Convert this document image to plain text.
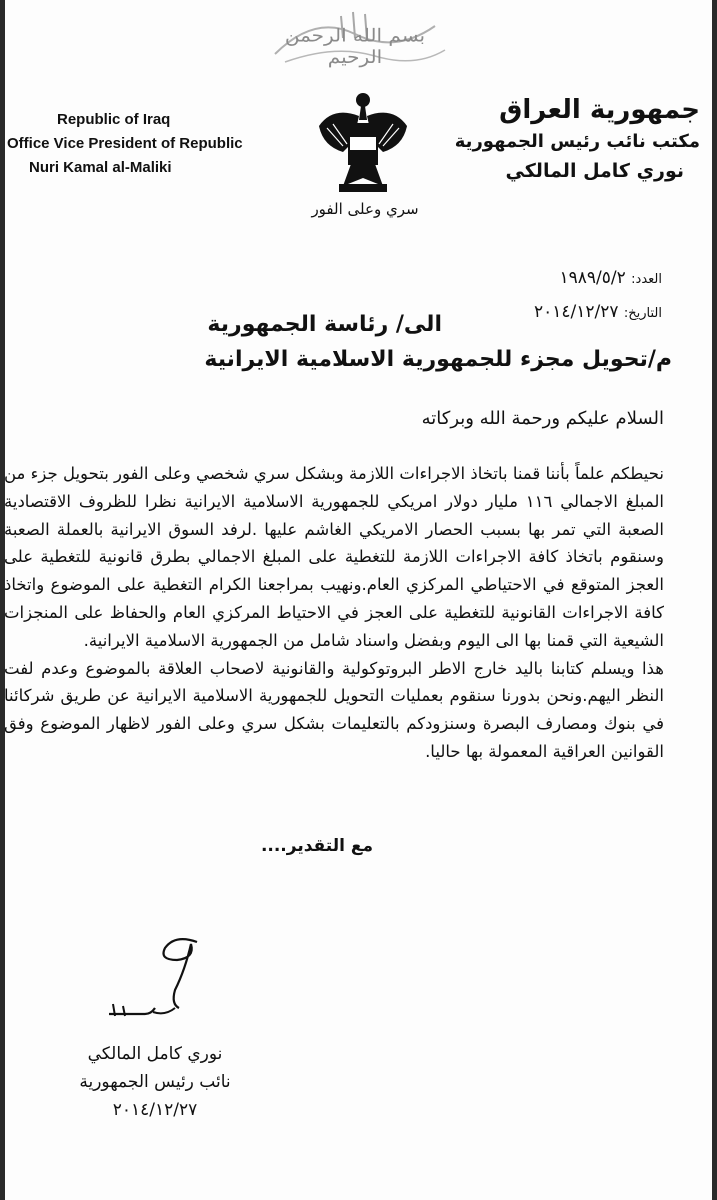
بسم الله الرحمن الرحيم
Republic of Iraq
Office Vice President of Republic
Nuri Kamal al-Maliki
جمهورية العراق
مكتب نائب رئيس الجمهورية
نوري كامل المالكي
سري وعلى الفور
العدد: ١٩٨٩/٥/٢
التاريخ: ٢٠١٤/١٢/٢٧
الى/ رئاسة الجمهورية
م/تحويل مجزء للجمهورية الاسلامية الايرانية
السلام عليكم ورحمة الله وبركاته

نحيطكم علماً بأننا قمنا باتخاذ الاجراءات اللازمة وبشكل سري شخصي وعلى الفور بتحويل جزء من المبلغ الاجمالي ١١٦ مليار دولار امريكي للجمهورية الاسلامية الايرانية نظرا للظروف الاقتصادية الصعبة التي تمر بها بسبب الحصار الامريكي الغاشم عليها .لرفد السوق الايرانية بالعملة الصعبة وسنقوم باتخاذ كافة الاجراءات اللازمة للتغطية على المبلغ الاجمالي بطرق قانونية للتغطية على العجز المتوقع في الاحتياطي المركزي العام.ونهيب بمراجعنا الكرام التغطية على الموضوع واتخاذ كافة الاجراءات القانونية للتغطية على العجز في الاحتياط المركزي العام والحفاظ على المنجزات الشيعية التي قمنا بها الى اليوم وبفضل واسناد شامل من الجمهورية الاسلامية الايرانية.

هذا ويسلم كتابنا باليد خارج الاطر البروتوكولية والقانونية لاصحاب العلاقة بالموضوع وعدم لفت النظر اليهم.ونحن بدورنا سنقوم بعمليات التحويل للجمهورية الاسلامية الايرانية عن طريق شركائنا في بنوك ومصارف البصرة وسنزودكم بالتعليمات بشكل سري وعلى الفور لاظهار الموضوع وفق القوانين العراقية المعمولة بها حاليا.

مع التقدير....
نوري كامل المالكي
نائب رئيس الجمهورية
٢٠١٤/١٢/٢٧
